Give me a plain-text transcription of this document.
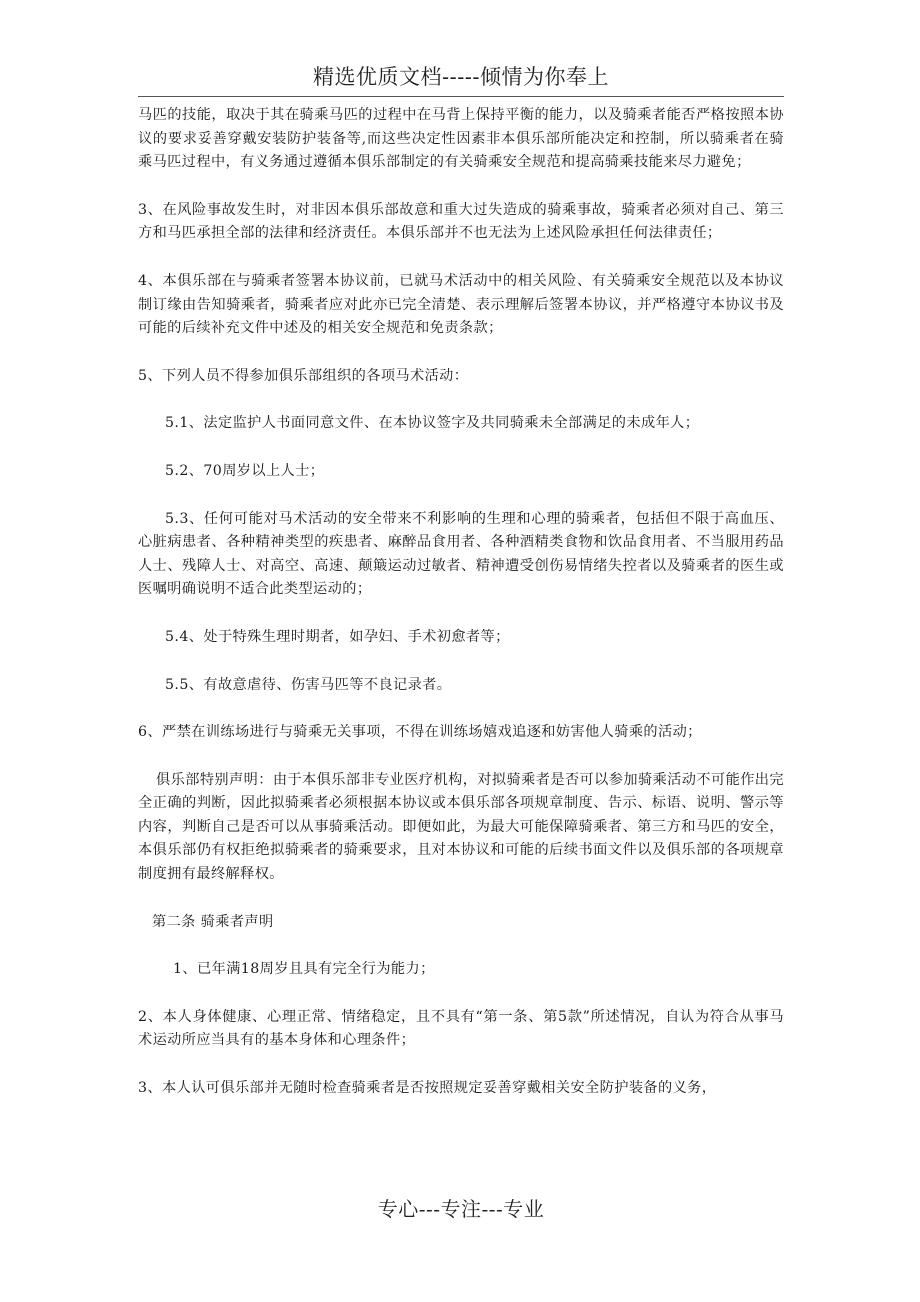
精选优质文档-----倾情为你奉上

马匹的技能，取决于其在骑乘马匹的过程中在马背上保持平衡的能力，以及骑乘者能否严格按照本协议的要求妥善穿戴安装防护装备等,而这些决定性因素非本俱乐部所能决定和控制，所以骑乘者在骑乘马匹过程中，有义务通过遵循本俱乐部制定的有关骑乘安全规范和提高骑乘技能来尽力避免；

3、在风险事故发生时，对非因本俱乐部故意和重大过失造成的骑乘事故，骑乘者必须对自己、第三方和马匹承担全部的法律和经济责任。本俱乐部并不也无法为上述风险承担任何法律责任；

4、本俱乐部在与骑乘者签署本协议前，已就马术活动中的相关风险、有关骑乘安全规范以及本协议制订缘由告知骑乘者，骑乘者应对此亦已完全清楚、表示理解后签署本协议，并严格遵守本协议书及可能的后续补充文件中述及的相关安全规范和免责条款；

5、下列人员不得参加俱乐部组织的各项马术活动：

5.1、法定监护人书面同意文件、在本协议签字及共同骑乘未全部满足的未成年人；

5.2、70周岁以上人士；

5.3、任何可能对马术活动的安全带来不利影响的生理和心理的骑乘者，包括但不限于高血压、心脏病患者、各种精神类型的疾患者、麻醉品食用者、各种酒精类食物和饮品食用者、不当服用药品人士、残障人士、对高空、高速、颠簸运动过敏者、精神遭受创伤易情绪失控者以及骑乘者的医生或医嘱明确说明不适合此类型运动的；

5.4、处于特殊生理时期者，如孕妇、手术初愈者等；

5.5、有故意虐待、伤害马匹等不良记录者。

6、严禁在训练场进行与骑乘无关事项，不得在训练场嬉戏追逐和妨害他人骑乘的活动；

俱乐部特别声明：由于本俱乐部非专业医疗机构，对拟骑乘者是否可以参加骑乘活动不可能作出完全正确的判断，因此拟骑乘者必须根据本协议或本俱乐部各项规章制度、告示、标语、说明、警示等内容，判断自己是否可以从事骑乘活动。即便如此，为最大可能保障骑乘者、第三方和马匹的安全，本俱乐部仍有权拒绝拟骑乘者的骑乘要求，且对本协议和可能的后续书面文件以及俱乐部的各项规章制度拥有最终解释权。

第二条 骑乘者声明

1、已年满18周岁且具有完全行为能力；

2、本人身体健康、心理正常、情绪稳定，且不具有“第一条、第5款”所述情况，自认为符合从事马术运动所应当具有的基本身体和心理条件；

3、本人认可俱乐部并无随时检查骑乘者是否按照规定妥善穿戴相关安全防护装备的义务，

专心---专注---专业
